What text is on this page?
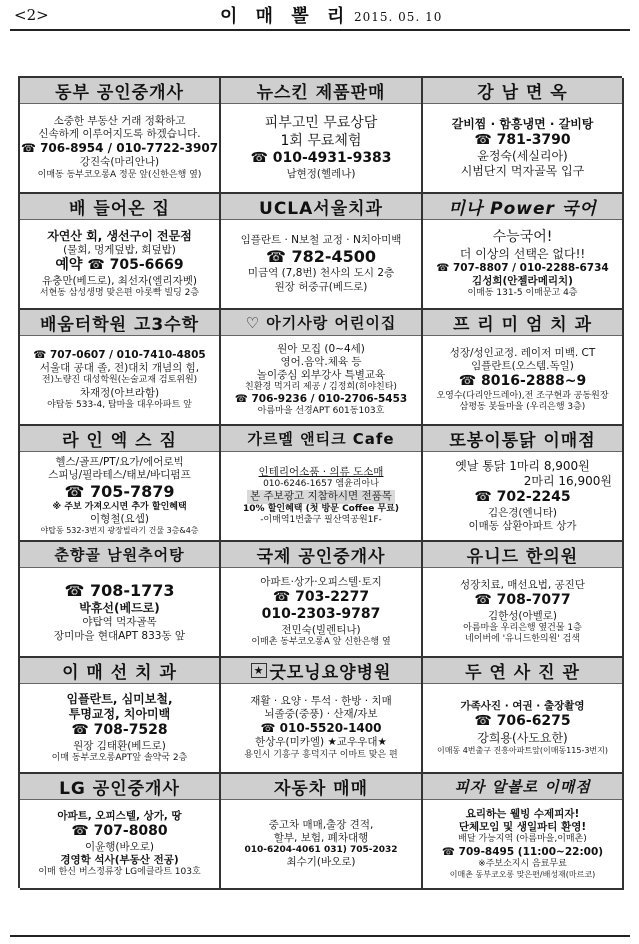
<2>	이 매 뽈 리 2015. 05. 10
동부 공인중개사
소중한 부동산 거래 정확하고
신속하게 이루어지도록 하겠습니다.
☎ 706-8954 / 010-7722-3907
강진숙(마리안나)
이매동 동부코오롱A 정문 앞(신한은행 옆)
뉴스킨 제품판매
피부고민 무료상담
1회 무료체험
☎ 010-4931-9383
남현정(헬레나)
강 남 면 옥
갈비찜 · 함흥냉면 · 갈비탕
☎ 781-3790
윤정숙(세실리아)
시범단지 먹자골목 입구
배 들어온 집
자연산 회, 생선구이 전문점
(물회, 멍게덮밥, 회덮밥)
예약 ☎ 705-6669
유충만(베드로), 최선자(엘리자벳)
서현동 삼성생명 맞은편 아롯빡 빌딩 2층
UCLA서울치과
임플란트 · N보철 교정 · N치아미백
☎ 782-4500
미금역 (7,8번) 천사의 도시 2층
원장 허중규(베드로)
미나 Power 국어
수능국어!
더 이상의 선택은 없다!!
☎ 707-8807 / 010-2288-6734
김성희(안젤라메리치)
이매동 131-5 이매문고 4층
배움터학원 고3수학
☎ 707-0607 / 010-7410-4805
서울대 공대 졸, 전)대치 개념의 힘,
전)노량진 대성학원(논술교재 검토위원)
차재정(아브라함)
야탑동 533-4, 탑마을 대우아파트 앞
♡ 아기사랑 어린이집
원아 모집 (0~4세)
영어.음악.체육 등
놀이중심 외부강사 특별교육
친환경 먹거리 제공 / 김정희(히야친타)
☎ 706-9236 / 010-2706-5453
아름마을 선경APT 601동103호
프 리 미 엄 치 과
성장/성인교정. 레이저 미백. CT
임플란트(오스템.독일)
☎ 8016-2888~9
오영수(다리안드레아),전 조구현과 공동원장
삼평동 봇들마을 (우리은행 3층)
라 인 엑 스 짐
헬스/골프/PT/요가/에어로빅
스피닝/필라테스/태보/바디펌프
☎ 705-7879
※ 주보 가져오시면 추가 할인혜택
이형철(요셉)
야탑동 532-3번지 광장빌라기 건물 3층&4층
가르멜 앤티크 Cafe
인테리어소품 · 의류 도소매
010-6246-1657 엠윤리아나
본 주보광고 지참하시면 전품목
10% 할인혜택 (첫 방문 Coffee 무료)
-이매역1번출구 필산역공원1F-
또봉이통닭 이매점
옛날 통닭 1마리 8,900원
2마리 16,900원
☎ 702-2245
김은경(엔니타)
이매동 삼환아파트 상가
춘향골 남원추어탕
☎ 708-1773
박휴선(베드로)
야탑역 먹자골목
장미마을 현대APT 833동 앞
국제 공인중개사
아파트·상가·오피스텔·토지
☎ 703-2277
010-2303-9787
전민숙(빌렌티나)
이매촌 동부코오롱A 앞 신한은행 옆
유니드 한의원
성장치료, 매선요법, 공진단
☎ 708-7077
김한성(아벨로)
아름마을 우리은행 옆건물 1층
네이버에 '유니드한의원' 검색
이 매 선 치 과
임플란트, 심미보철,
투명교정, 치아미백
☎ 708-7528
원장 김태환(베드로)
이매 동부코오롱APT앞 솔약국 2층
★ 굿모닝요양병원
재활 · 요양 · 투석 · 한방 · 치매
뇌졸중(중풍) · 산재/자보
☎ 010-5520-1400
한상우(미카엘) ★교우우대★
용인시 기흥구 흥덕지구 이마트 맞은 편
두 연 사 진 관
가족사진 · 여권 · 출장촬영
☎ 706-6275
강희용(사도요한)
이매동 4번출구 진흥아파트앞(이매동115-3번지)
LG 공인중개사
아파트, 오피스텔, 상가, 땅
☎ 707-8080
이윤행(바오로)
경영학 석사(부동산 전공)
이매 한신 버스정류장 LG에클라트 103호
자동차 매매
중고차 매매,출장 견적,
할부, 보험, 폐차대행
010-6204-4061 031) 705-2032
최수기(바오로)
피자 알볼로 이매점
요리하는 웰빙 수제피자!
단체모임 및 생일파티 환영!
배달 가능지역 (아름마을,이매촌)
☎ 709-8495 (11:00~22:00)
※주보소지시 음료무료
이매촌 동부코오롱 맞은편/배성재(마르코)
